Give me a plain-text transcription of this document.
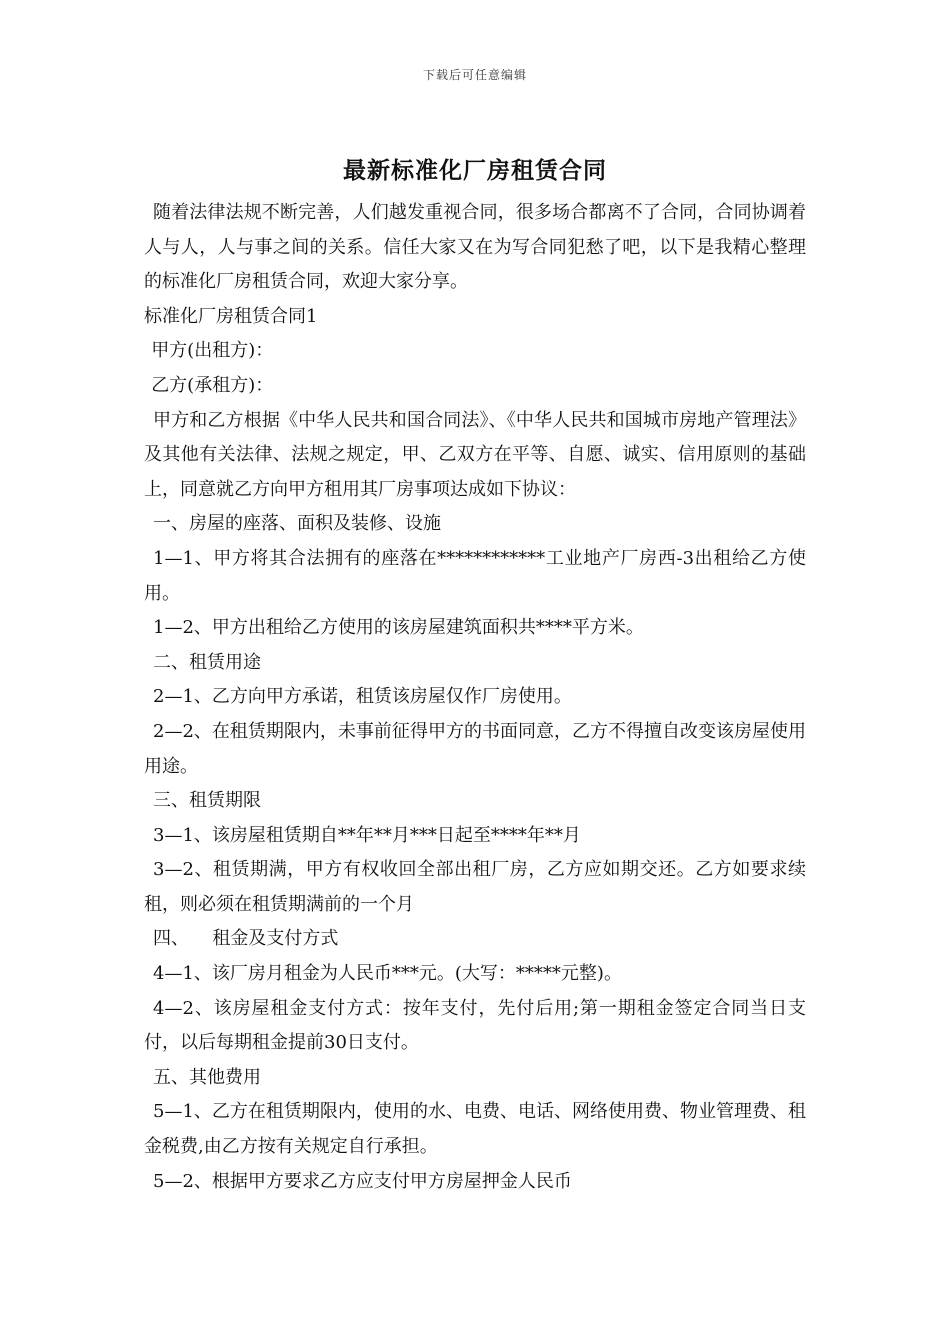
下载后可任意编辑
最新标准化厂房租赁合同

随着法律法规不断完善，人们越发重视合同，很多场合都离不了合同，合同协调着人与人，人与事之间的关系。信任大家又在为写合同犯愁了吧，以下是我精心整理的标准化厂房租赁合同，欢迎大家分享。

标准化厂房租赁合同1

甲方(出租方)：

乙方(承租方)：

甲方和乙方根据《中华人民共和国合同法》、《中华人民共和国城市房地产管理法》及其他有关法律、法规之规定，甲、乙双方在平等、自愿、诚实、信用原则的基础上，同意就乙方向甲方租用其厂房事项达成如下协议：

一、房屋的座落、面积及装修、设施

1—1、甲方将其合法拥有的座落在************工业地产厂房西-3出租给乙方使用。

1—2、甲方出租给乙方使用的该房屋建筑面积共****平方米。

二、租赁用途

2—1、乙方向甲方承诺，租赁该房屋仅作厂房使用。

2—2、在租赁期限内，未事前征得甲方的书面同意，乙方不得擅自改变该房屋使用用途。

三、租赁期限

3—1、该房屋租赁期自**年**月***日起至****年**月

3—2、租赁期满，甲方有权收回全部出租厂房，乙方应如期交还。乙方如要求续租，则必须在租赁期满前的一个月

四、 租金及支付方式

4—1、该厂房月租金为人民币***元。(大写：*****元整)。

4—2、该房屋租金支付方式：按年支付，先付后用;第一期租金签定合同当日支付，以后每期租金提前30日支付。

五、其他费用

5—1、乙方在租赁期限内，使用的水、电费、电话、网络使用费、物业管理费、租金税费,由乙方按有关规定自行承担。

5—2、根据甲方要求乙方应支付甲方房屋押金人民币
